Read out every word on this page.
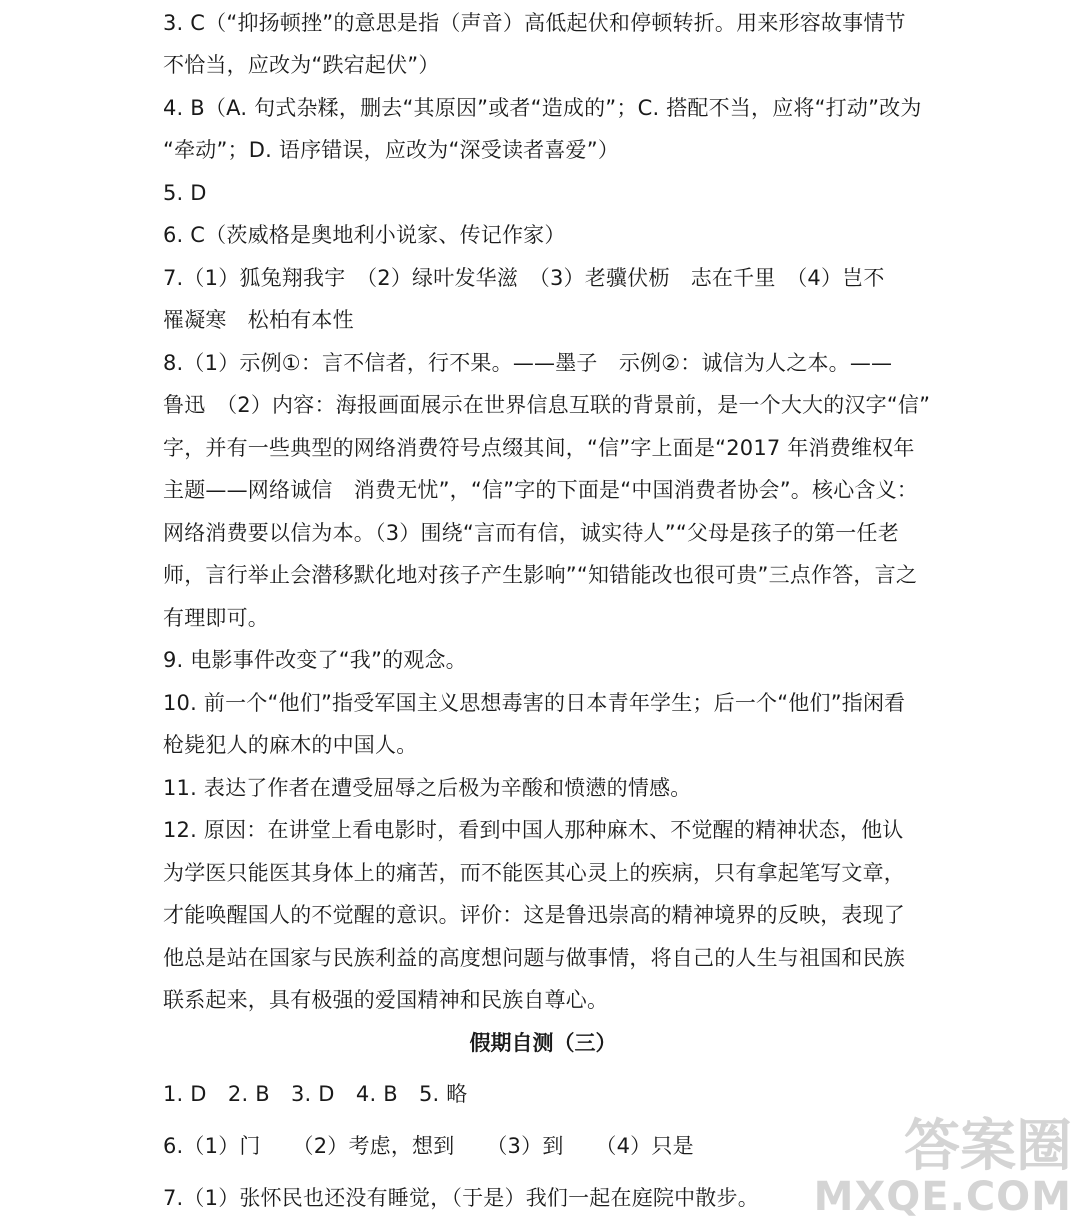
3. C（“抑扬顿挫”的意思是指（声音）高低起伏和停顿转折。用来形容故事情节
不恰当，应改为“跌宕起伏”）
4. B（A. 句式杂糅，删去“其原因”或者“造成的”；C. 搭配不当，应将“打动”改为
“牵动”；D. 语序错误，应改为“深受读者喜爱”）
5. D
6. C（茨威格是奥地利小说家、传记作家）
7.（1）狐兔翔我宇　（2）绿叶发华滋　（3）老骥伏枥　志在千里　（4）岂不
罹凝寒　松柏有本性
8.（1）示例①：言不信者，行不果。——墨子　示例②：诚信为人之本。——
鲁迅　（2）内容：海报画面展示在世界信息互联的背景前，是一个大大的汉字“信”
字，并有一些典型的网络消费符号点缀其间，“信”字上面是“2017 年消费维权年
主题——网络诚信　消费无忧”，“信”字的下面是“中国消费者协会”。核心含义：
网络消费要以信为本。（3）围绕“言而有信，诚实待人”“父母是孩子的第一任老
师，言行举止会潜移默化地对孩子产生影响”“知错能改也很可贵”三点作答，言之
有理即可。
9. 电影事件改变了“我”的观念。
10. 前一个“他们”指受军国主义思想毒害的日本青年学生；后一个“他们”指闲看
枪毙犯人的麻木的中国人。
11. 表达了作者在遭受屈辱之后极为辛酸和愤懑的情感。
12. 原因：在讲堂上看电影时，看到中国人那种麻木、不觉醒的精神状态，他认
为学医只能医其身体上的痛苦，而不能医其心灵上的疾病，只有拿起笔写文章，
才能唤醒国人的不觉醒的意识。评价：这是鲁迅崇高的精神境界的反映，表现了
他总是站在国家与民族利益的高度想问题与做事情，将自己的人生与祖国和民族
联系起来，具有极强的爱国精神和民族自尊心。
假期自测（三）
1. D　2. B　3. D　4. B　5. 略
6.（1）门　　（2）考虑，想到　　（3）到　　（4）只是
7.（1）张怀民也还没有睡觉，（于是）我们一起在庭院中散步。
答案圈
MXQE.COM
